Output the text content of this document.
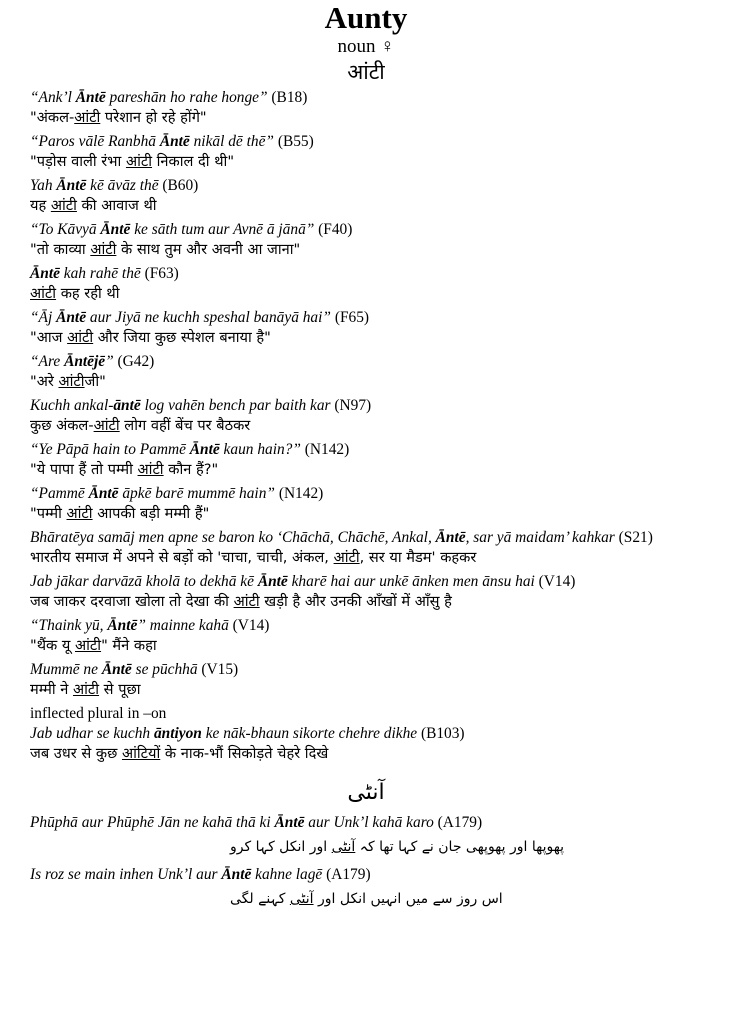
Aunty
noun ♀
आंटी
“Ank’l Āntē pareshān ho rahe honge” (B18)
"अंकल-आंटी परेशान हो रहे होंगे"
“Paros vālē Ranbhā Āntē nikāl dē thē” (B55)
"पड़ोस वाली रंभा आंटी निकाल दी थी"
Yah Āntē kē āvāz thē (B60)
यह आंटी की आवाज थी
“To Kāvyā Āntē ke sāth tum aur Avnē ā jānā” (F40)
"तो काव्या आंटी के साथ तुम और अवनी आ जाना"
Āntē kah rahē thē (F63)
आंटी कह रही थी
“Āj Āntē aur Jiyā ne kuchh speshal banāyā hai” (F65)
"आज आंटी और जिया कुछ स्पेशल बनाया है"
“Are Āntējē” (G42)
"अरे आंटीजी"
Kuchh ankal-āntē log vahēn bench par baith kar (N97)
कुछ अंकल-आंटी लोग वहीं बेंच पर बैठकर
“Ye Pāpā hain to Pammē Āntē kaun hain?” (N142)
"ये पापा हैं तो पम्मी आंटी कौन हैं?"
“Pammē Āntē āpkē barē mummē hain” (N142)
"पम्मी आंटी आपकी बड़ी मम्मी हैं"
Bhāratēya samāj men apne se baron ko ‘Chāchā, Chāchē, Ankal, Āntē, sar yā maidam’ kahkar (S21)
भारतीय समाज में अपने से बड़ों को 'चाचा, चाची, अंकल, आंटी, सर या मैडम' कहकर
Jab jākar darvāzā kholā to dekhā kē Āntē kharē hai aur unkē ānken men ānsu hai (V14)
जब जाकर दरवाजा खोला तो देखा की आंटी खड़ी है और उनकी आँखों में आँसु है
“Thaink yū, Āntē” mainne kahā (V14)
"थैंक यू आंटी" मैंने कहा
Mummē ne Āntē se pūchhā (V15)
मम्मी ने आंटी से पूछा
inflected plural in –on
Jab udhar se kuchh āntiyon ke nāk-bhaun sikorte chehre dikhe (B103)
जब उधर से कुछ आंटियों के नाक-भौं सिकोड़ते चेहरे दिखे
آنٹی
Phūphā aur Phūphē Jān ne kahā thā ki Āntē aur Unk’l kahā karo (A179)
پھوپھا اور پھوپھی جان نے کہا تھا کہ آنٹی اور انکل کہا کرو
Is roz se main inhen Unk’l aur Āntē kahne lagē (A179)
اس روز سے میں انہیں انکل اور آنٹی کہنے لگی
